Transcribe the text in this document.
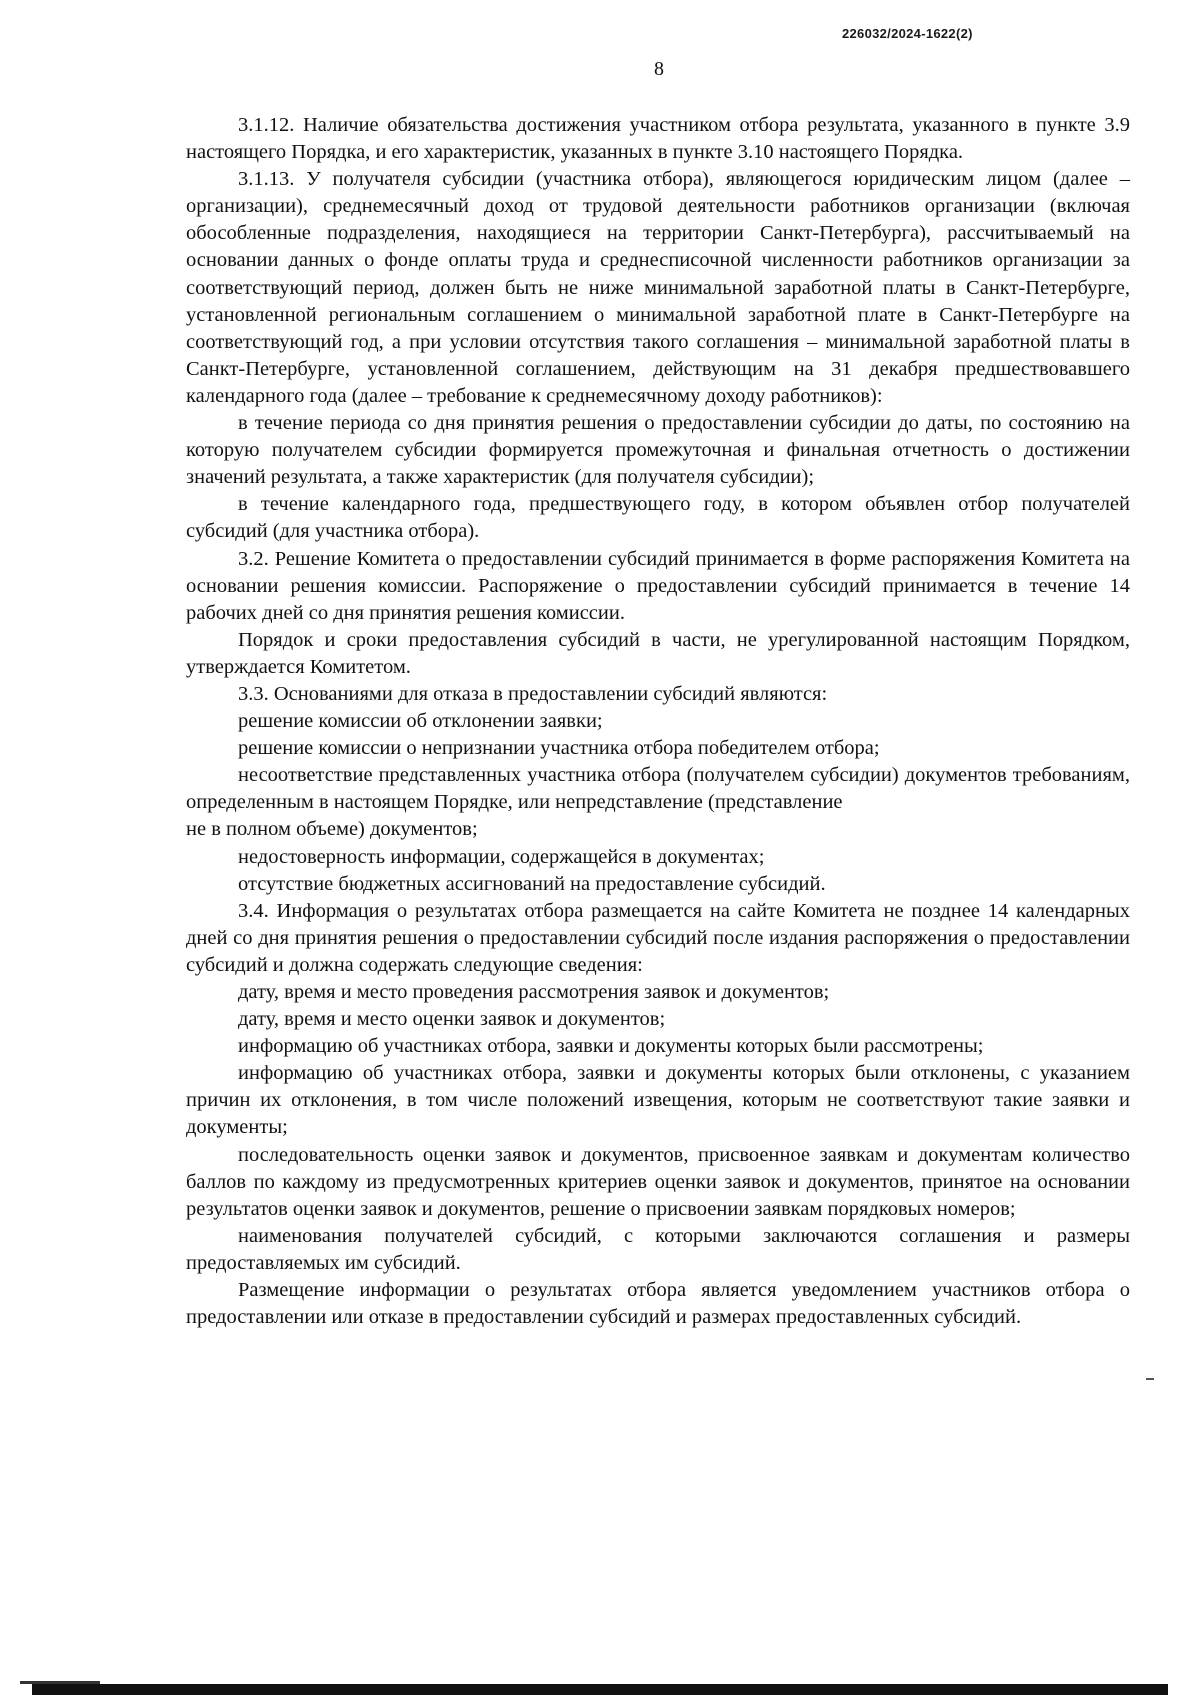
226032/2024-1622(2)
8

3.1.12. Наличие обязательства достижения участником отбора результата, указанного в пункте 3.9 настоящего Порядка, и его характеристик, указанных в пункте 3.10 настоящего Порядка.

3.1.13. У получателя субсидии (участника отбора), являющегося юридическим лицом (далее – организации), среднемесячный доход от трудовой деятельности работников организации (включая обособленные подразделения, находящиеся на территории Санкт-Петербурга), рассчитываемый на основании данных о фонде оплаты труда и среднесписочной численности работников организации за соответствующий период, должен быть не ниже минимальной заработной платы в Санкт-Петербурге, установленной региональным соглашением о минимальной заработной плате в Санкт-Петербурге на соответствующий год, а при условии отсутствия такого соглашения – минимальной заработной платы в Санкт-Петербурге, установленной соглашением, действующим на 31 декабря предшествовавшего календарного года (далее – требование к среднемесячному доходу работников):

в течение периода со дня принятия решения о предоставлении субсидии до даты, по состоянию на которую получателем субсидии формируется промежуточная и финальная отчетность о достижении значений результата, а также характеристик (для получателя субсидии);

в течение календарного года, предшествующего году, в котором объявлен отбор получателей субсидий (для участника отбора).

3.2. Решение Комитета о предоставлении субсидий принимается в форме распоряжения Комитета на основании решения комиссии. Распоряжение о предоставлении субсидий принимается в течение 14 рабочих дней со дня принятия решения комиссии.

Порядок и сроки предоставления субсидий в части, не урегулированной настоящим Порядком, утверждается Комитетом.

3.3. Основаниями для отказа в предоставлении субсидий являются:

решение комиссии об отклонении заявки;

решение комиссии о непризнании участника отбора победителем отбора;

несоответствие представленных участника отбора (получателем субсидии) документов требованиям, определенным в настоящем Порядке, или непредставление (представление

не в полном объеме) документов;

недостоверность информации, содержащейся в документах;

отсутствие бюджетных ассигнований на предоставление субсидий.

3.4. Информация о результатах отбора размещается на сайте Комитета не позднее 14 календарных дней со дня принятия решения о предоставлении субсидий после издания распоряжения о предоставлении субсидий и должна содержать следующие сведения:

дату, время и место проведения рассмотрения заявок и документов;

дату, время и место оценки заявок и документов;

информацию об участниках отбора, заявки и документы которых были рассмотрены;

информацию об участниках отбора, заявки и документы которых были отклонены, с указанием причин их отклонения, в том числе положений извещения, которым не соответствуют такие заявки и документы;

последовательность оценки заявок и документов, присвоенное заявкам и документам количество баллов по каждому из предусмотренных критериев оценки заявок и документов, принятое на основании результатов оценки заявок и документов, решение о присвоении заявкам порядковых номеров;

наименования получателей субсидий, с которыми заключаются соглашения и размеры предоставляемых им субсидий.

Размещение информации о результатах отбора является уведомлением участников отбора о предоставлении или отказе в предоставлении субсидий и размерах предоставленных субсидий.
